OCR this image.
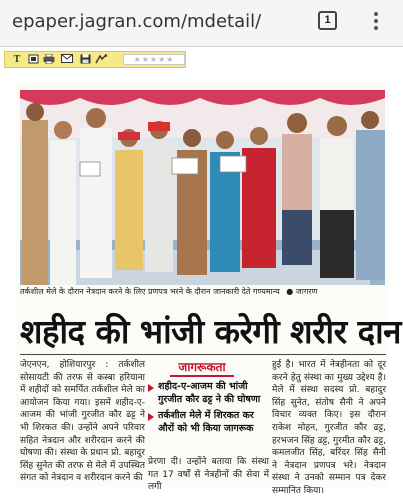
epaper.jagran.com/mdetail/	1
T	★★★★★
तर्कशील मेले के दौरान नेत्रदान करने के लिए प्रणपत्र भरने के दौरान जानकारी देते गण्यमान्य ● जागरण
शहीद की भांजी करेगी शरीर दान
जेएनएन, होशियारपुर : तर्कशील सोसायटी की तरफ से कस्बा हरियाना में शहीदों को समर्पित तर्कशील मेले का आयोजन किया गया। इसमें शहीद-ए-आजम की भांजी गुरजीत कौर ढट्ट ने भी शिरकत की। उन्होंने अपने परिवार सहित नेत्रदान और शरीरदान करने की घोषणा की। संस्था के प्रधान प्रो. बहादुर सिंह सुनेत की तरफ से मेले में उपस्थित संगत को नेत्रदान व शरीरदान करने की
जागरूकता
शहीद-ए-आजम की भांजी गुरजीत कौर ढट्ट ने की घोषणा
तर्कशील मेले में शिरकत कर औरों को भी किया जागरूक
प्रेरणा दी। उन्होंने बताया कि संस्था गत 17 वर्षों से नेत्रहीनों की सेवा में लगी
हुई है। भारत में नेत्रहीनता को दूर करने हेतु संस्था का मुख्य उद्देश्य है। मेले में संस्था सदस्य प्रो. बहादुर सिंह सुनेत, संतोष सैनी ने अपने विचार व्यक्त किए। इस दौरान राकेश मोहन, गुरजीत कौर ढट्ट, हरभजन सिंह ढट्ट, गुरमीत कौर ढट्ट, कमलजीत सिंह, बरिंदर सिंह सैनी ने नेत्रदान प्रणपत्र भरे। नेत्रदान संस्था ने उनको सम्मान पत्र देकर सम्मानित किया।
